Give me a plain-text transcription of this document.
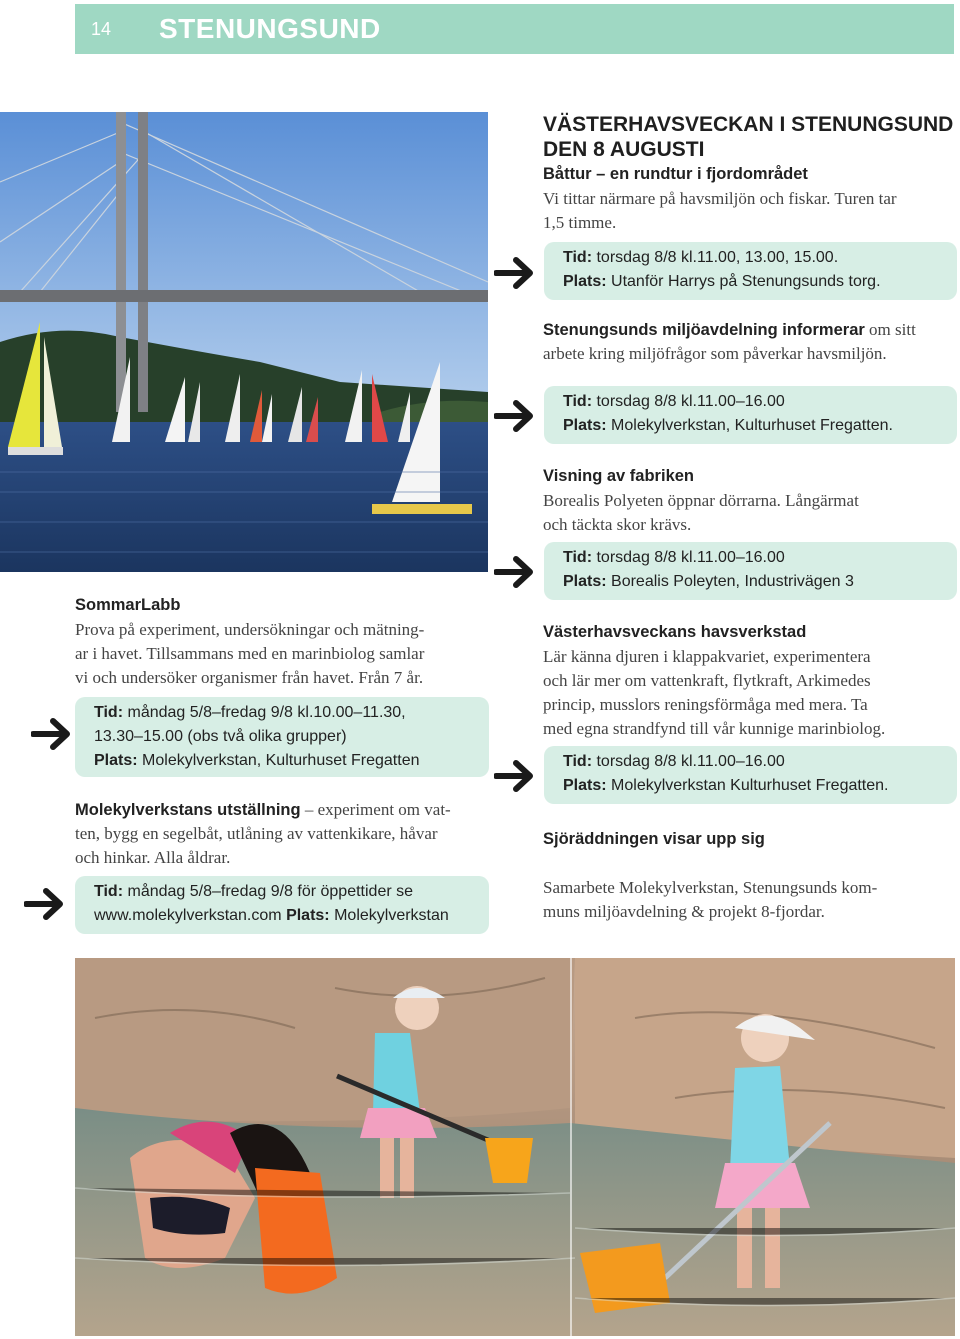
14 STENUNGSUND
VÄSTERHAVSVECKAN I STENUNGSUND
DEN 8 AUGUSTI
Båttur – en rundtur i fjordområdet
Vi tittar närmare på havsmiljön och fiskar. Turen tar
1,5 timme.
Tid: torsdag 8/8 kl.11.00, 13.00, 15.00.
Plats: Utanför Harrys på Stenungsunds torg.
Stenungsunds miljöavdelning informerar om sitt
arbete kring miljöfrågor som påverkar havsmiljön.
Tid: torsdag 8/8 kl.11.00–16.00
Plats: Molekylverkstan, Kulturhuset Fregatten.
Visning av fabriken
Borealis Polyeten öppnar dörrarna. Långärmat
och täckta skor krävs.
Tid: torsdag 8/8 kl.11.00–16.00
Plats: Borealis Poleyten, Industrivägen 3
Västerhavsveckans havsverkstad
Lär känna djuren i klappakvariet, experimentera
och lär mer om vattenkraft, flytkraft, Arkimedes
princip, musslors reningsförmåga med mera. Ta
med egna strandfynd till vår kunnige marinbiolog.
Tid: torsdag 8/8 kl.11.00–16.00
Plats: Molekylverkstan Kulturhuset Fregatten.
Sjöräddningen visar upp sig
Samarbete Molekylverkstan, Stenungsunds kom-
muns miljöavdelning & projekt 8-fjordar.
SommarLabb
Prova på experiment, undersökningar och mätning-
ar i havet. Tillsammans med en marinbiolog samlar
vi och undersöker organismer från havet. Från 7 år.
Tid: måndag 5/8–fredag 9/8 kl.10.00–11.30,
13.30–15.00 (obs två olika grupper)
Plats: Molekylverkstan, Kulturhuset Fregatten
Molekylverkstans utställning – experiment om vat-
ten, bygg en segelbåt, utlåning av vattenkikare, håvar
och hinkar. Alla åldrar.
Tid: måndag 5/8–fredag 9/8 för öppettider se
www.molekylverkstan.com Plats: Molekylverkstan
